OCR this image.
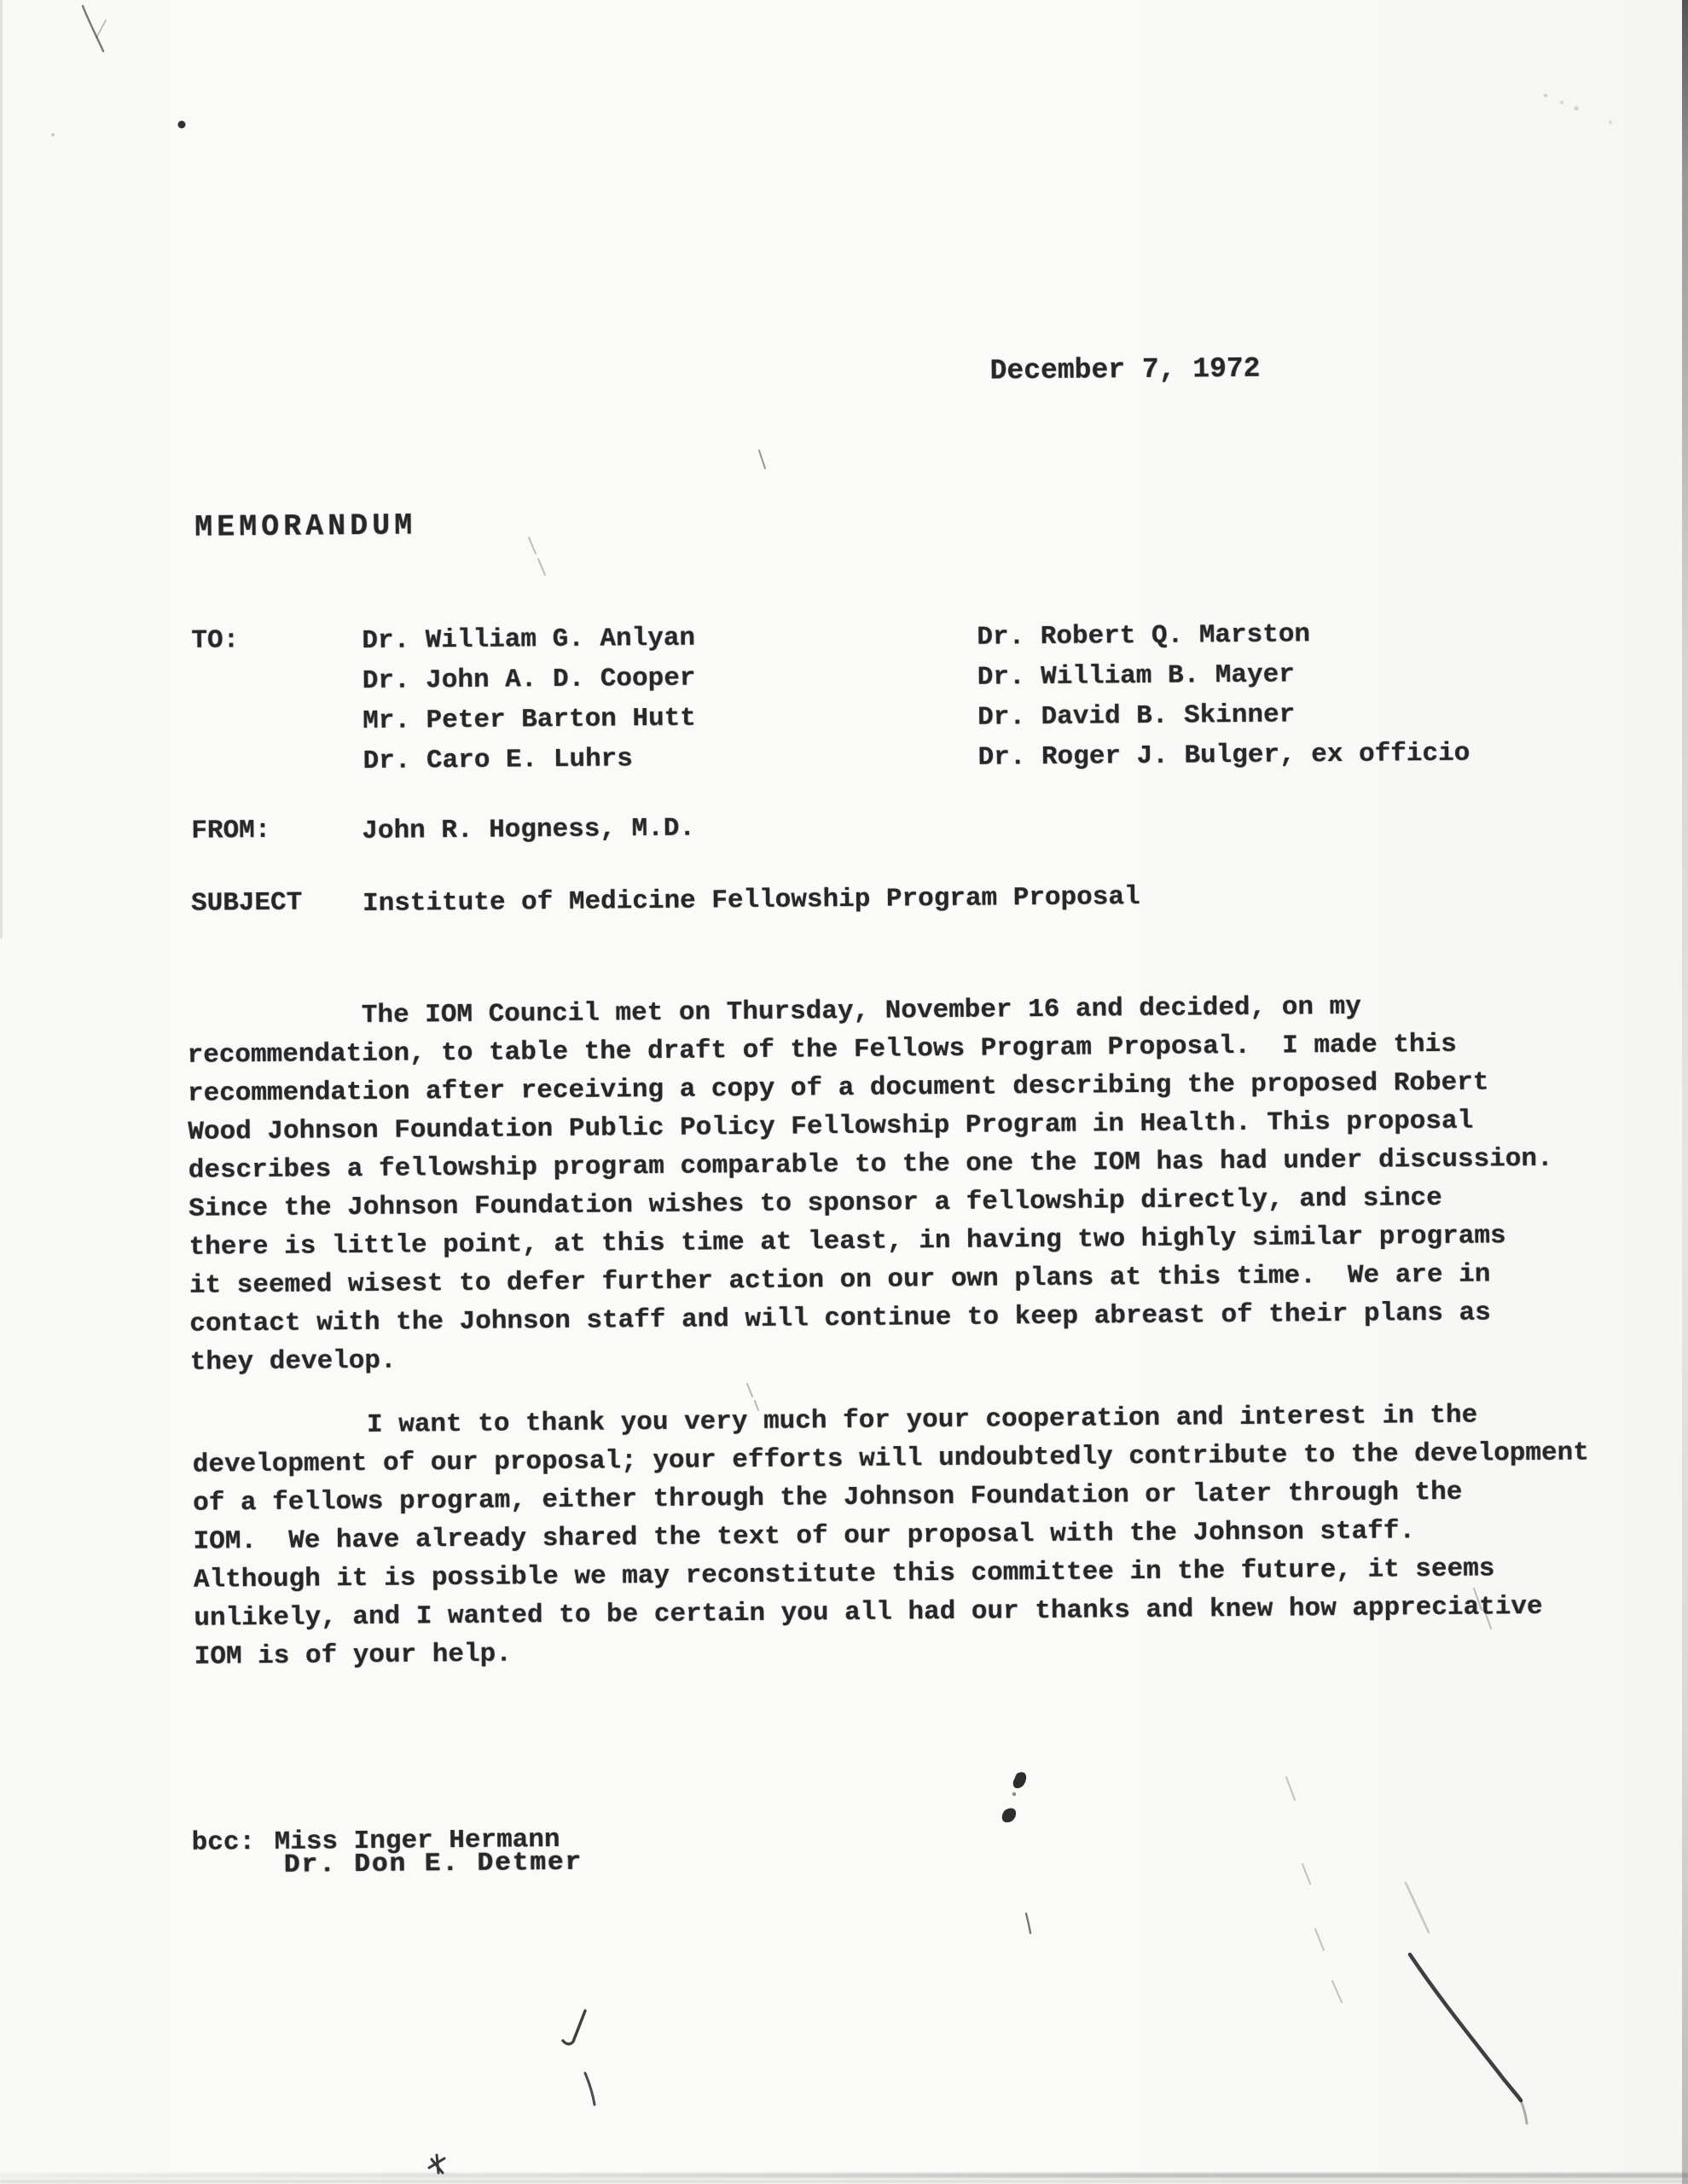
December 7, 1972
MEMORANDUM
TO:	Dr. William G. Anlyan
Dr. John A. D. Cooper
Mr. Peter Barton Hutt
Dr. Caro E. Luhrs
Dr. Robert Q. Marston
Dr. William B. Mayer
Dr. David B. Skinner
Dr. Roger J. Bulger, ex officio
FROM:	John R. Hogness, M.D.
SUBJECT Institute of Medicine Fellowship Program Proposal
The IOM Council met on Thursday, November 16 and decided, on my
recommendation, to table the draft of the Fellows Program Proposal.  I made this
recommendation after receiving a copy of a document describing the proposed Robert
Wood Johnson Foundation Public Policy Fellowship Program in Health. This proposal
describes a fellowship program comparable to the one the IOM has had under discussion.
Since the Johnson Foundation wishes to sponsor a fellowship directly, and since
there is little point, at this time at least, in having two highly similar programs
it seemed wisest to defer further action on our own plans at this time.  We are in
contact with the Johnson staff and will continue to keep abreast of their plans as
they develop.
I want to thank you very much for your cooperation and interest in the
development of our proposal; your efforts will undoubtedly contribute to the development
of a fellows program, either through the Johnson Foundation or later through the
IOM.  We have already shared the text of our proposal with the Johnson staff.
Although it is possible we may reconstitute this committee in the future, it seems
unlikely, and I wanted to be certain you all had our thanks and knew how appreciative
IOM is of your help.
bcc: Miss Inger Hermann
Dr. Don E. Detmer
